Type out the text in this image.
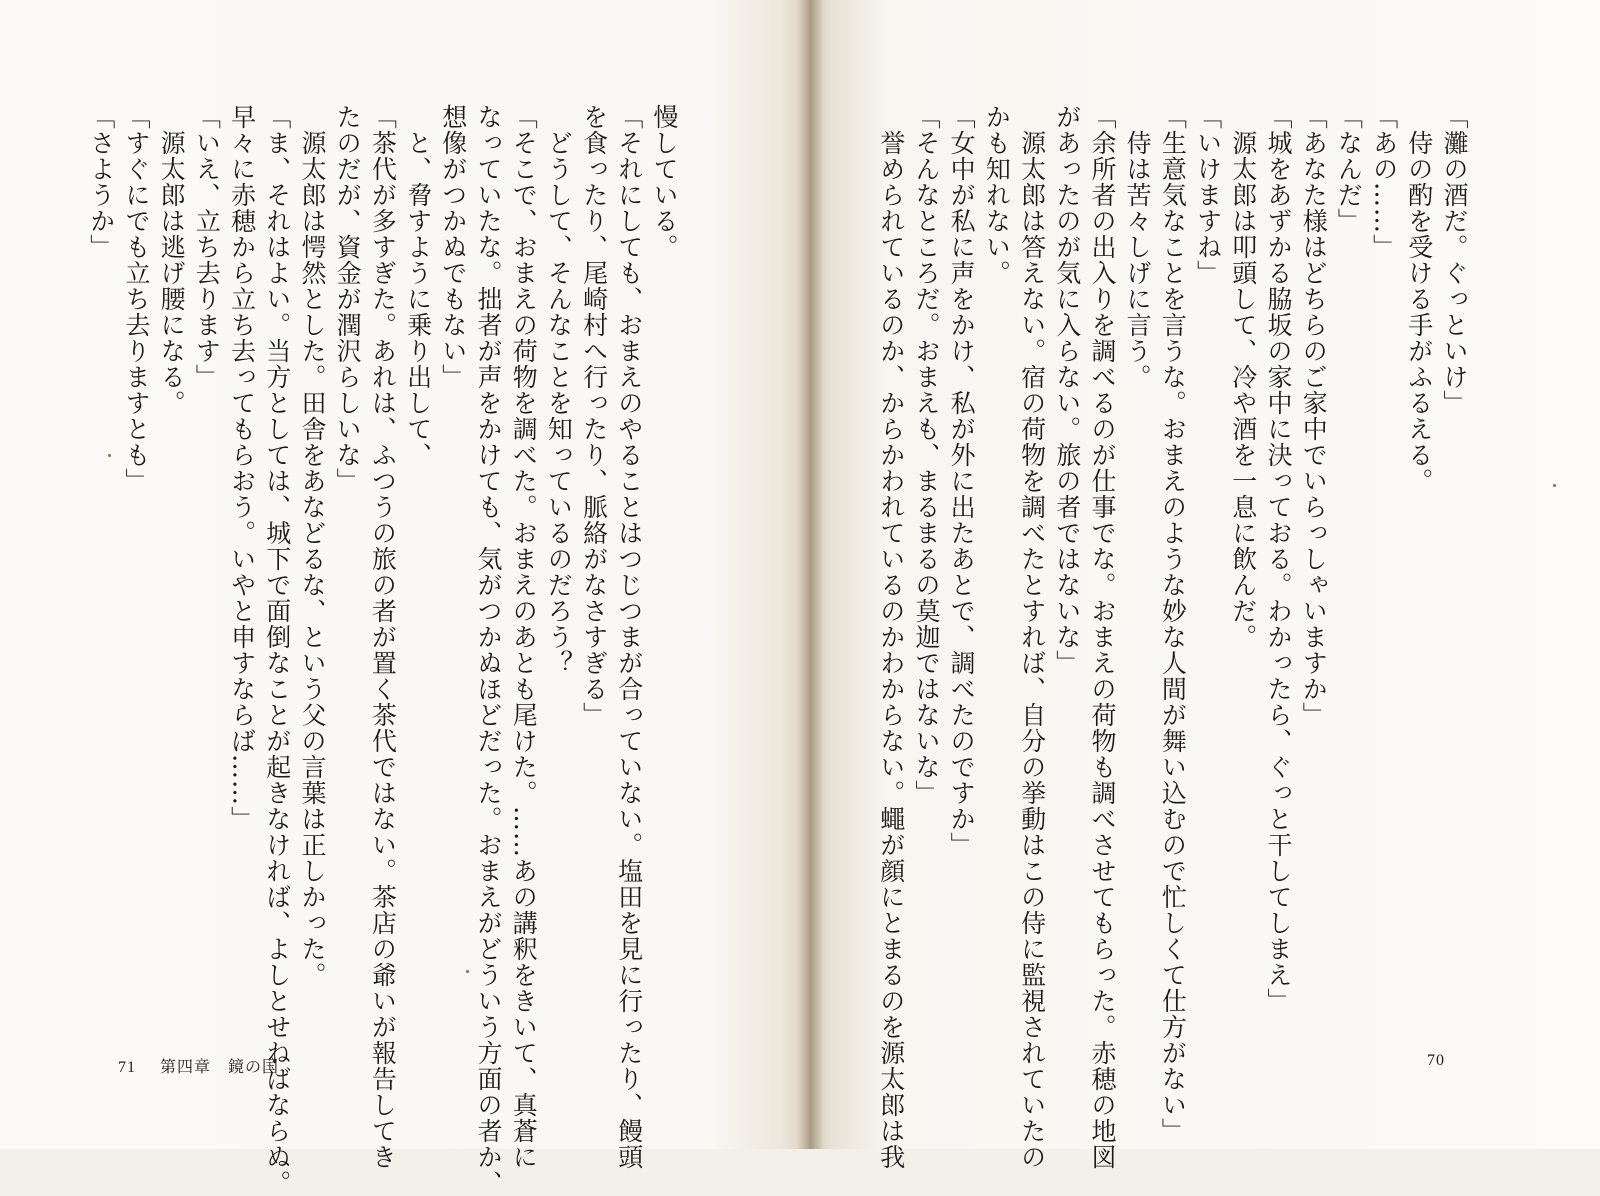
「灘の酒だ。ぐっといけ」
　侍の酌を受ける手がふるえる。
「あの……」
「なんだ」
「あなた様はどちらのご家中でいらっしゃいますか」
「城をあずかる脇坂の家中に決っておる。わかったら、ぐっと干してしまえ」
　源太郎は叩頭して、冷や酒を一息に飲んだ。
「いけますね」
「生意気なことを言うな。おまえのような妙な人間が舞い込むので忙しくて仕方がない」
　侍は苦々しげに言う。
「余所者の出入りを調べるのが仕事でな。おまえの荷物も調べさせてもらった。赤穂の地図
があったのが気に入らない。旅の者ではないな」
　源太郎は答えない。宿の荷物を調べたとすれば、自分の挙動はこの侍に監視されていたの
かも知れない。
「女中が私に声をかけ、私が外に出たあとで、調べたのですか」
「そんなところだ。おまえも、まるまるの莫迦ではないな」
　誉められているのか、からかわれているのかわからない。蠅が顔にとまるのを源太郎は我
慢している。
「それにしても、おまえのやることはつじつまが合っていない。塩田を見に行ったり、饅頭
を食ったり、尾崎村へ行ったり、脈絡がなさすぎる」
　どうして、そんなことを知っているのだろう？
「そこで、おまえの荷物を調べた。おまえのあとも尾けた。……あの講釈をきいて、真蒼に
なっていたな。拙者が声をかけても、気がつかぬほどだった。おまえがどういう方面の者か、
想像がつかぬでもない」
　と、脅すように乗り出して、
「茶代が多すぎた。あれは、ふつうの旅の者が置く茶代ではない。茶店の爺いが報告してき
たのだが、資金が潤沢らしいな」
　源太郎は愕然とした。田舎をあなどるな、という父の言葉は正しかった。
「ま、それはよい。当方としては、城下で面倒なことが起きなければ、よしとせねばならぬ。
早々に赤穂から立ち去ってもらおう。いやと申すならば……」
「いえ、立ち去ります」
　源太郎は逃げ腰になる。
「すぐにでも立ち去りますとも」
「さようか」
71 第四章　鏡の国	70
